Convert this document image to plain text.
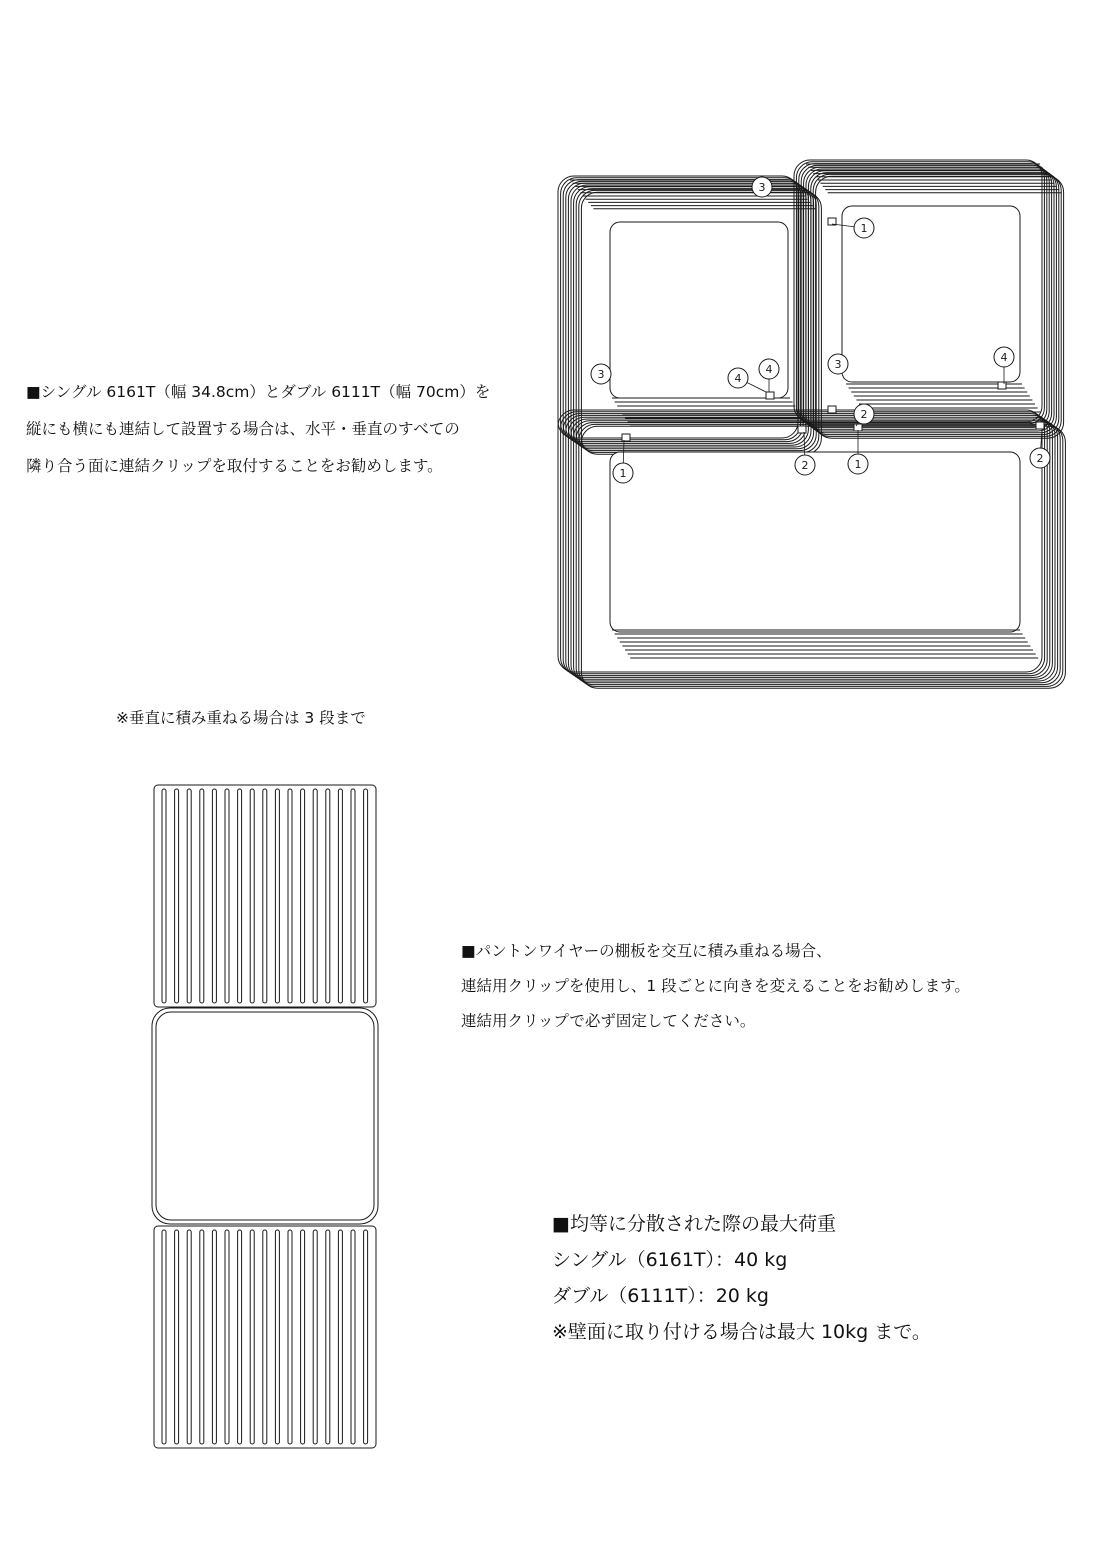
3
1
3
3
4
4
4
2
1
2	1	2
■シングル 6161T（幅 34.8cm）とダブル 6111T（幅 70cm）を
縦にも横にも連結して設置する場合は、水平・垂直のすべての
隣り合う面に連結クリップを取付することをお勧めします。
※垂直に積み重ねる場合は 3 段まで
■パントンワイヤーの棚板を交互に積み重ねる場合、
連結用クリップを使用し、1 段ごとに向きを変えることをお勧めします。
連結用クリップで必ず固定してください。
■均等に分散された際の最大荷重
シングル（6161T）：40 kg
ダブル（6111T）：20 kg
※壁面に取り付ける場合は最大 10kg まで。
